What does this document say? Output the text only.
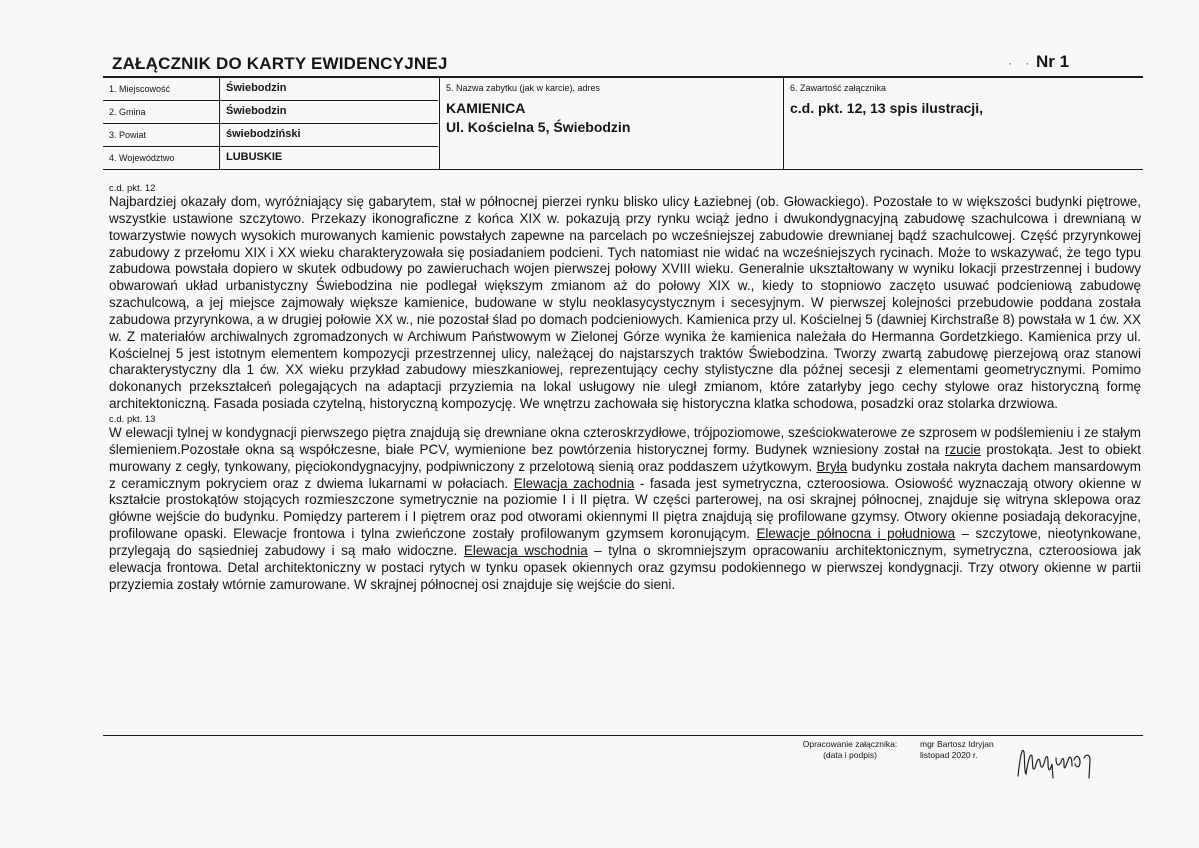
ZAŁĄCZNIK DO KARTY EWIDENCYJNEJ	·    · Nr 1
1. Miejscowość	Świebodzin
2. Gmina	Świebodzin
3. Powiat	świebodziński
4. Województwo	LUBUSKIE
5. Nazwa zabytku (jak w karcie), adres
KAMIENICA
Ul. Kościelna 5, Świebodzin
6. Zawartość załącznika
c.d. pkt. 12, 13 spis ilustracji,

c.d. pkt. 12

Najbardziej okazały dom, wyróżniający się gabarytem, stał w północnej pierzei rynku blisko ulicy Łaziebnej (ob. Głowackiego). Pozostałe to w większości budynki piętrowe, wszystkie ustawione szczytowo. Przekazy ikonograficzne z końca XIX w. pokazują przy rynku wciąż jedno i dwukondygnacyjną zabudowę szachulcowa i drewnianą w towarzystwie nowych wysokich murowanych kamienic powstałych zapewne na parcelach po wcześniejszej zabudowie drewnianej bądź szachulcowej. Część przyrynkowej zabudowy z przełomu XIX i XX wieku charakteryzowała się posiadaniem podcieni. Tych natomiast nie widać na wcześniejszych rycinach. Może to wskazywać, że tego typu zabudowa powstała dopiero w skutek odbudowy po zawieruchach wojen pierwszej połowy XVIII wieku. Generalnie ukształtowany w wyniku lokacji przestrzennej i budowy obwarowań układ urbanistyczny Świebodzina nie podlegał większym zmianom aż do połowy XIX w., kiedy to stopniowo zaczęto usuwać podcieniową zabudowę szachulcową, a jej miejsce zajmowały większe kamienice, budowane w stylu neoklasycystycznym i secesyjnym. W pierwszej kolejności przebudowie poddana została zabudowa przyrynkowa, a w drugiej połowie XX w., nie pozostał ślad po domach podcieniowych. Kamienica przy ul. Kościelnej 5 (dawniej Kirchstraße 8) powstała w 1 ćw. XX w. Z materiałów archiwalnych zgromadzonych w Archiwum Państwowym w Zielonej Górze wynika że kamienica należała do Hermanna Gordetzkiego. Kamienica przy ul. Kościelnej 5 jest istotnym elementem kompozycji przestrzennej ulicy, należącej do najstarszych traktów Świebodzina. Tworzy zwartą zabudowę pierzejową oraz stanowi charakterystyczny dla 1 ćw. XX wieku przykład zabudowy mieszkaniowej, reprezentujący cechy stylistyczne dla późnej secesji z elementami geometrycznymi. Pomimo dokonanych przekształceń polegających na adaptacji przyziemia na lokal usługowy nie uległ zmianom, które zatarłyby jego cechy stylowe oraz historyczną formę architektoniczną. Fasada posiada czytelną, historyczną kompozycję. We wnętrzu zachowała się historyczna klatka schodowa, posadzki oraz stolarka drzwiowa.

c.d. pkt. 13

W elewacji tylnej w kondygnacji pierwszego piętra znajdują się drewniane okna czteroskrzydłowe, trójpoziomowe, sześciokwaterowe ze szprosem w podślemieniu i ze stałym ślemieniem.Pozostałe okna są współczesne, białe PCV, wymienione bez powtórzenia historycznej formy. Budynek wzniesiony został na rzucie prostokąta. Jest to obiekt murowany z cegły, tynkowany, pięciokondygnacyjny, podpiwniczony z przelotową sienią oraz poddaszem użytkowym. Bryła budynku została nakryta dachem mansardowym z ceramicznym pokryciem oraz z dwiema lukarnami w połaciach. Elewacja zachodnia - fasada jest symetryczna, czteroosiowa. Osiowość wyznaczają otwory okienne w kształcie prostokątów stojących rozmieszczone symetrycznie na poziomie I i II piętra. W części parterowej, na osi skrajnej północnej, znajduje się witryna sklepowa oraz główne wejście do budynku. Pomiędzy parterem i I piętrem oraz pod otworami okiennymi II piętra znajdują się profilowane gzymsy. Otwory okienne posiadają dekoracyjne, profilowane opaski. Elewacje frontowa i tylna zwieńczone zostały profilowanym gzymsem koronującym. Elewacje północna i południowa – szczytowe, nieotynkowane, przylegają do sąsiedniej zabudowy i są mało widoczne. Elewacja wschodnia – tylna o skromniejszym opracowaniu architektonicznym, symetryczna, czteroosiowa jak elewacja frontowa. Detal architektoniczny w postaci rytych w tynku opasek okiennych oraz gzymsu podokiennego w pierwszej kondygnacji. Trzy otwory okienne w partii przyziemia zostały wtórnie zamurowane. W skrajnej północnej osi znajduje się wejście do sieni.

Opracowanie załącznika:
(data i podpis)
mgr Bartosz Idryjan
listopad 2020 r.
